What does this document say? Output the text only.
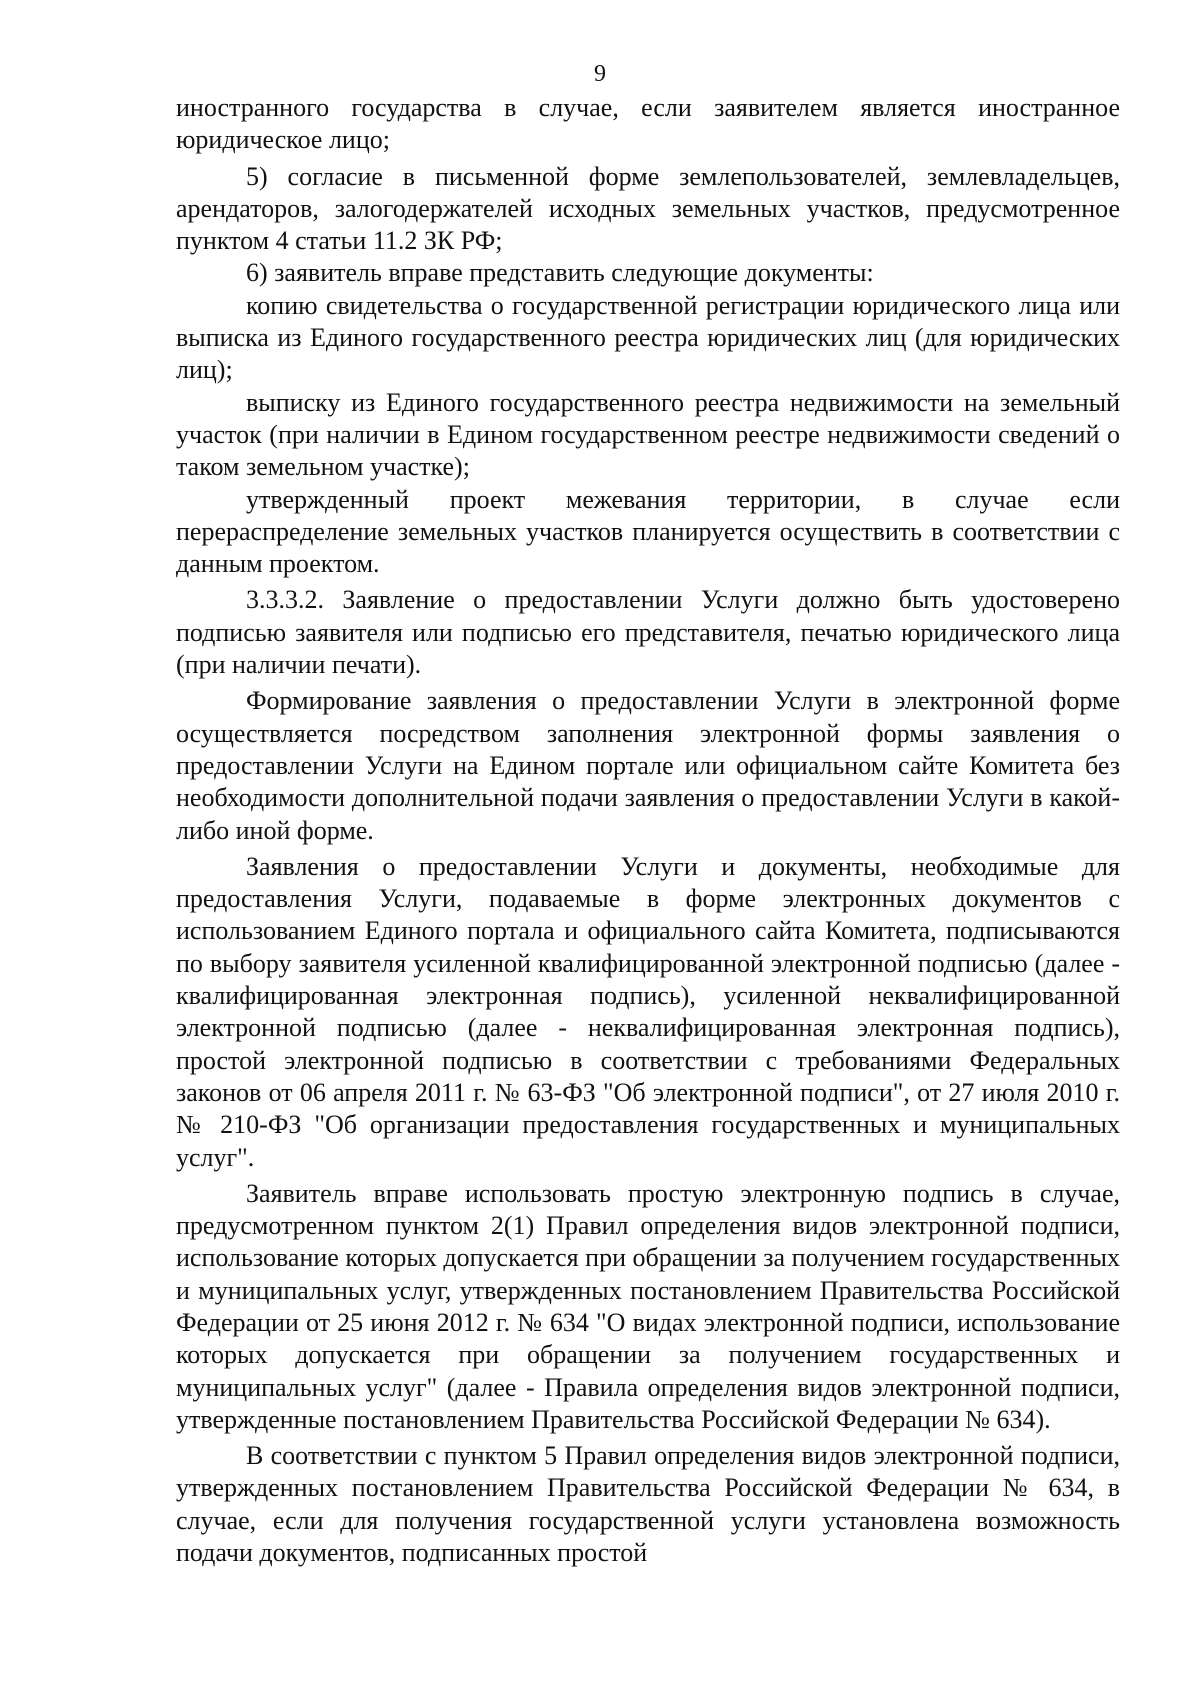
9

иностранного государства в случае, если заявителем является иностранное юридическое лицо;

5) согласие в письменной форме землепользователей, землевладельцев, арендаторов, залогодержателей исходных земельных участков, предусмотренное пунктом 4 статьи 11.2 ЗК РФ;

6) заявитель вправе представить следующие документы:

копию свидетельства о государственной регистрации юридического лица или выписка из Единого государственного реестра юридических лиц (для юридических лиц);

выписку из Единого государственного реестра недвижимости на земельный участок (при наличии в Едином государственном реестре недвижимости сведений о таком земельном участке);

утвержденный проект межевания территории, в случае если перераспределение земельных участков планируется осуществить в соответствии с данным проектом.

3.3.3.2. Заявление о предоставлении Услуги должно быть удостоверено подписью заявителя или подписью его представителя, печатью юридического лица (при наличии печати).

Формирование заявления о предоставлении Услуги в электронной форме осуществляется посредством заполнения электронной формы заявления о предоставлении Услуги на Едином портале или официальном сайте Комитета без необходимости дополнительной подачи заявления о предоставлении Услуги в какой-либо иной форме.

Заявления о предоставлении Услуги и документы, необходимые для предоставления Услуги, подаваемые в форме электронных документов с использованием Единого портала и официального сайта Комитета, подписываются по выбору заявителя усиленной квалифицированной электронной подписью (далее - квалифицированная электронная подпись), усиленной неквалифицированной электронной подписью (далее - неквалифицированная электронная подпись), простой электронной подписью в соответствии с требованиями Федеральных законов от 06 апреля 2011 г. № 63-ФЗ "Об электронной подписи", от 27 июля 2010 г. № 210-ФЗ "Об организации предоставления государственных и муниципальных услуг".

Заявитель вправе использовать простую электронную подпись в случае, предусмотренном пунктом 2(1) Правил определения видов электронной подписи, использование которых допускается при обращении за получением государственных и муниципальных услуг, утвержденных постановлением Правительства Российской Федерации от 25 июня 2012 г. № 634 "О видах электронной подписи, использование которых допускается при обращении за получением государственных и муниципальных услуг" (далее - Правила определения видов электронной подписи, утвержденные постановлением Правительства Российской Федерации № 634).

В соответствии с пунктом 5 Правил определения видов электронной подписи, утвержденных постановлением Правительства Российской Федерации № 634, в случае, если для получения государственной услуги установлена возможность подачи документов, подписанных простой
